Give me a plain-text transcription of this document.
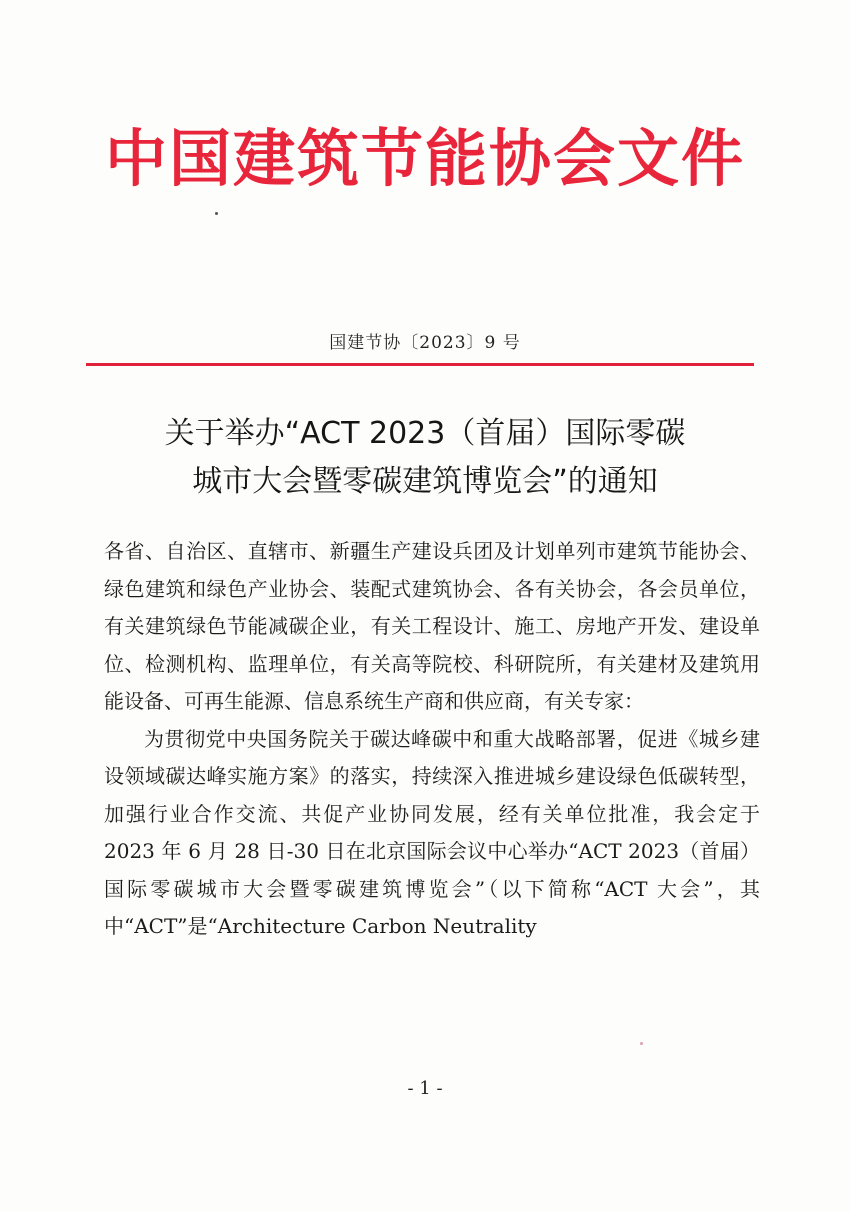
中国建筑节能协会文件
国建节协〔2023〕9 号
关于举办“ACT 2023（首届）国际零碳
城市大会暨零碳建筑博览会”的通知

各省、自治区、直辖市、新疆生产建设兵团及计划单列市建筑节能协会、绿色建筑和绿色产业协会、装配式建筑协会、各有关协会，各会员单位，有关建筑绿色节能减碳企业，有关工程设计、施工、房地产开发、建设单位、检测机构、监理单位，有关高等院校、科研院所，有关建材及建筑用能设备、可再生能源、信息系统生产商和供应商，有关专家：

为贯彻党中央国务院关于碳达峰碳中和重大战略部署，促进《城乡建设领域碳达峰实施方案》的落实，持续深入推进城乡建设绿色低碳转型，加强行业合作交流、共促产业协同发展，经有关单位批准，我会定于 2023 年 6 月 28 日-30 日在北京国际会议中心举办“ACT 2023（首届）国际零碳城市大会暨零碳建筑博览会”（以下简称“ACT 大会”，其中“ACT”是“Architecture Carbon Neutrality

- 1 -
